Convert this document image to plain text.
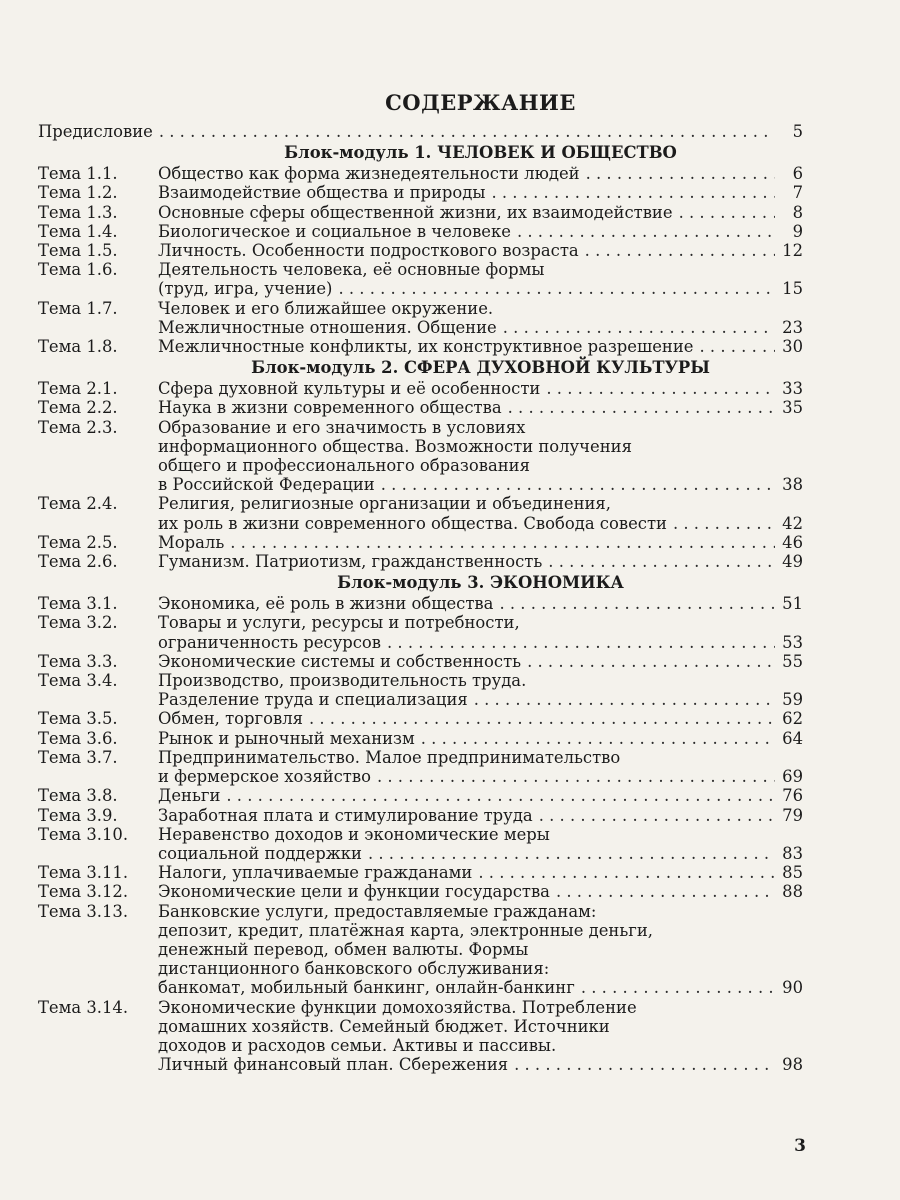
СОДЕРЖАНИЕ
Предисловие . . .	5
Блок-модуль 1. ЧЕЛОВЕК И ОБЩЕСТВО
Тема 1.1.	Общество как форма жизнедеятельности людей . . .	6
Тема 1.2.	Взаимодействие общества и природы . . .	7
Тема 1.3.	Основные сферы общественной жизни, их взаимодействие . . .	8
Тема 1.4.	Биологическое и социальное в человеке . . .	9
Тема 1.5.	Личность. Особенности подросткового возраста . . .	12
Тема 1.6.	Деятельность человека, её основные формы
(труд, игра, учение) . . .	15
Тема 1.7.	Человек и его ближайшее окружение.
Межличностные отношения. Общение . . .	23
Тема 1.8.	Межличностные конфликты, их конструктивное разрешение . . .	30
Блок-модуль 2. СФЕРА ДУХОВНОЙ КУЛЬТУРЫ
Тема 2.1.	Сфера духовной культуры и её особенности . . .	33
Тема 2.2.	Наука в жизни современного общества . . .	35
Тема 2.3.	Образование и его значимость в условиях
информационного общества. Возможности получения
общего и профессионального образования
в Российской Федерации . . .	38
Тема 2.4.	Религия, религиозные организации и объединения,
их роль в жизни современного общества. Свобода совести . . .	42
Тема 2.5.	Мораль . . .	46
Тема 2.6.	Гуманизм. Патриотизм, гражданственность . . .	49
Блок-модуль 3. ЭКОНОМИКА
Тема 3.1.	Экономика, её роль в жизни общества . . .	51
Тема 3.2.	Товары и услуги, ресурсы и потребности,
ограниченность ресурсов . . .	53
Тема 3.3.	Экономические системы и собственность . . .	55
Тема 3.4.	Производство, производительность труда.
Разделение труда и специализация . . .	59
Тема 3.5.	Обмен, торговля . . .	62
Тема 3.6.	Рынок и рыночный механизм . . .	64
Тема 3.7.	Предпринимательство. Малое предпринимательство
и фермерское хозяйство . . .	69
Тема 3.8.	Деньги . . .	76
Тема 3.9.	Заработная плата и стимулирование труда . . .	79
Тема 3.10.	Неравенство доходов и экономические меры
социальной поддержки . . .	83
Тема 3.11.	Налоги, уплачиваемые гражданами . . .	85
Тема 3.12.	Экономические цели и функции государства . . .	88
Тема 3.13.	Банковские услуги, предоставляемые гражданам:
депозит, кредит, платёжная карта, электронные деньги,
денежный перевод, обмен валюты. Формы
дистанционного банковского обслуживания:
банкомат, мобильный банкинг, онлайн-банкинг . . .	90
Тема 3.14.	Экономические функции домохозяйства. Потребление
домашних хозяйств. Семейный бюджет. Источники
доходов и расходов семьи. Активы и пассивы.
Личный финансовый план. Сбережения . . .	98
3
